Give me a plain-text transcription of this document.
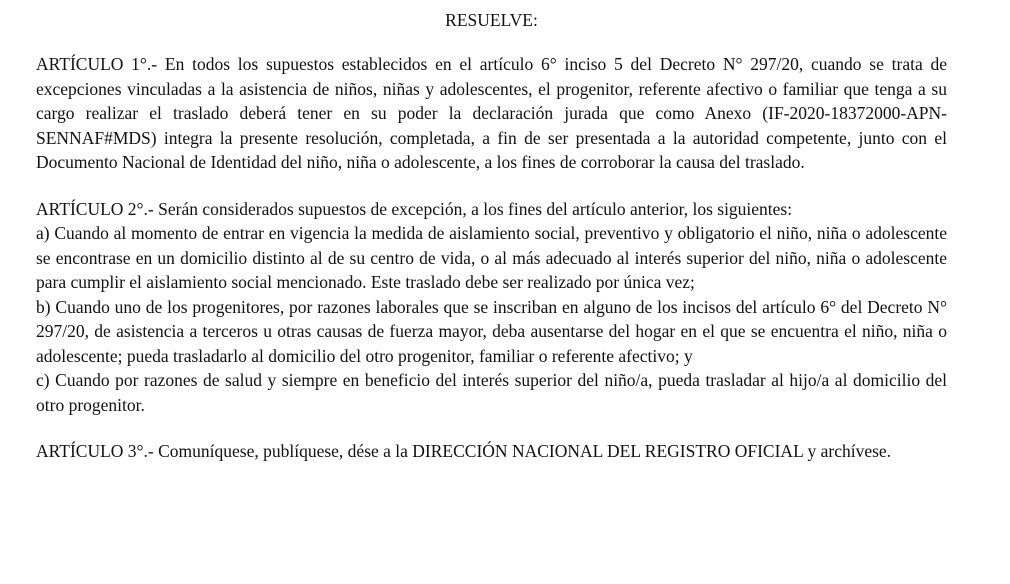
RESUELVE:
ARTÍCULO 1°.- En todos los supuestos establecidos en el artículo 6° inciso 5 del Decreto N° 297/20, cuando se trata de excepciones vinculadas a la asistencia de niños, niñas y adolescentes, el progenitor, referente afectivo o familiar que tenga a su cargo realizar el traslado deberá tener en su poder la declaración jurada que como Anexo (IF-2020-18372000-APN-SENNAF#MDS) integra la presente resolución, completada, a fin de ser presentada a la autoridad competente, junto con el Documento Nacional de Identidad del niño, niña o adolescente, a los fines de corroborar la causa del traslado.
ARTÍCULO 2°.- Serán considerados supuestos de excepción, a los fines del artículo anterior, los siguientes:
a) Cuando al momento de entrar en vigencia la medida de aislamiento social, preventivo y obligatorio el niño, niña o adolescente se encontrase en un domicilio distinto al de su centro de vida, o al más adecuado al interés superior del niño, niña o adolescente para cumplir el aislamiento social mencionado. Este traslado debe ser realizado por única vez;
b) Cuando uno de los progenitores, por razones laborales que se inscriban en alguno de los incisos del artículo 6° del Decreto N° 297/20, de asistencia a terceros u otras causas de fuerza mayor, deba ausentarse del hogar en el que se encuentra el niño, niña o adolescente; pueda trasladarlo al domicilio del otro progenitor, familiar o referente afectivo; y
c) Cuando por razones de salud y siempre en beneficio del interés superior del niño/a, pueda trasladar al hijo/a al domicilio del otro progenitor.
ARTÍCULO 3°.- Comuníquese, publíquese, dése a la DIRECCIÓN NACIONAL DEL REGISTRO OFICIAL y archívese.
